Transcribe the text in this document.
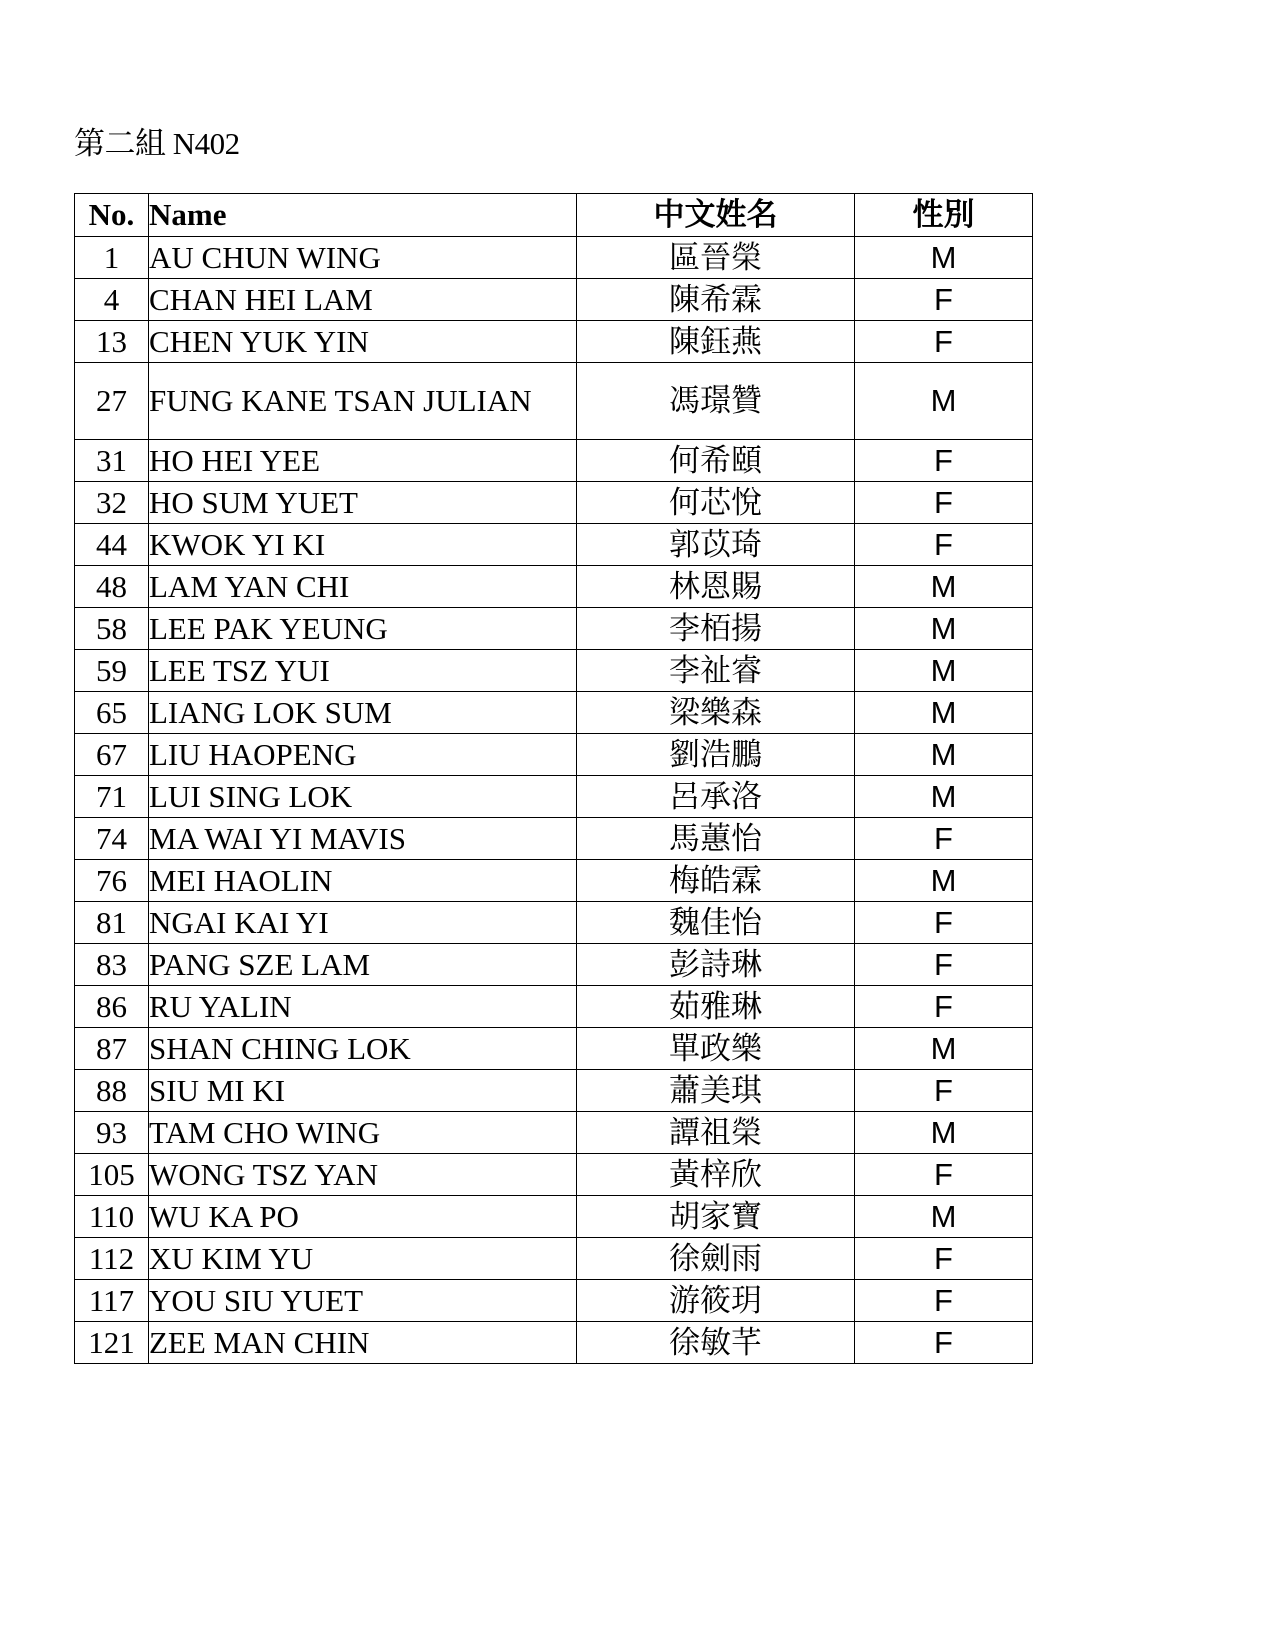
第二組 N402
No.	Name	中文姓名	性別
1	AU CHUN WING	區晉榮	M
4	CHAN HEI LAM	陳希霖	F
13	CHEN YUK YIN	陳鈺燕	F
27	FUNG KANE TSAN JULIAN	馮璟贊	M
31	HO HEI YEE	何希頤	F
32	HO SUM YUET	何芯悅	F
44	KWOK YI KI	郭苡琦	F
48	LAM YAN CHI	林恩賜	M
58	LEE PAK YEUNG	李栢揚	M
59	LEE TSZ YUI	李祉睿	M
65	LIANG LOK SUM	梁樂森	M
67	LIU HAOPENG	劉浩鵬	M
71	LUI SING LOK	呂承洛	M
74	MA WAI YI MAVIS	馬蕙怡	F
76	MEI HAOLIN	梅皓霖	M
81	NGAI KAI YI	魏佳怡	F
83	PANG SZE LAM	彭詩琳	F
86	RU YALIN	茹雅琳	F
87	SHAN CHING LOK	單政樂	M
88	SIU MI KI	蕭美琪	F
93	TAM CHO WING	譚祖榮	M
105	WONG TSZ YAN	黃梓欣	F
110	WU KA PO	胡家寶	M
112	XU KIM YU	徐劍雨	F
117	YOU SIU YUET	游筱玥	F
121	ZEE MAN CHIN	徐敏芊	F
